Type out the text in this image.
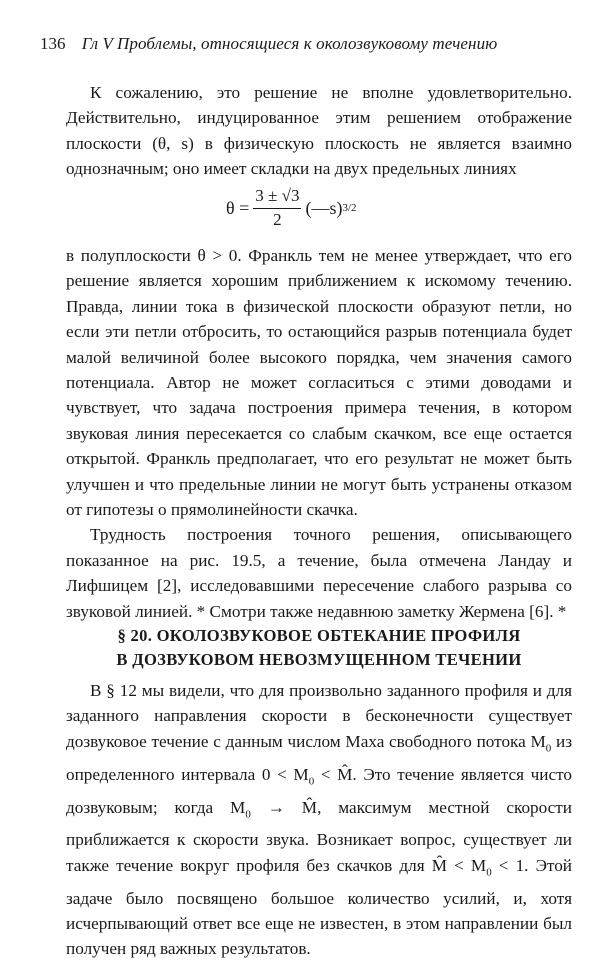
136 Гл V Проблемы, относящиеся к околозвуковому течению

К сожалению, это решение не вполне удовлетворительно. Действительно, индуцированное этим решением отображение плоскости (θ, s) в физическую плоскость не является взаимно однозначным; оно имеет складки на двух предельных линиях

$\theta = \frac{3 \pm √3}{2}$ (—s) 3/2

в полуплоскости θ > 0. Франкль тем не менее утверждает, что его решение является хорошим приближением к искомому течению. Правда, линии тока в физической плоскости образуют петли, но если эти петли отбросить, то остающийся разрыв потенциала будет малой величиной более высокого порядка, чем значения самого потенциала. Автор не может согласиться с этими доводами и чувствует, что задача построения примера течения, в котором звуковая линия пересекается со слабым скачком, все еще остается открытой. Франкль предполагает, что его результат не может быть улучшен и что предельные линии не могут быть устранены отказом от гипотезы о прямолинейности скачка.

Трудность построения точного решения, описывающего показанное на рис. 19.5, а течение, была отмечена Ландау и Лифшицем [2], исследовавшими пересечение слабого разрыва со звуковой линией. * Смотри также недавнюю заметку Жермена [6]. *

§ 20. ОКОЛОЗВУКОВОЕ ОБТЕКАНИЕ ПРОФИЛЯ
В ДОЗВУКОВОМ НЕВОЗМУЩЕННОМ ТЕЧЕНИИ

В § 12 мы видели, что для произвольно заданного профиля и для заданного направления скорости в бесконечности существует дозвуковое течение с данным числом Маха свободного потока $M_0$ из определенного интервала $0 < M_0$ < M̂. Это течение является чисто дозвуковым; когда $M_0$ → M̂, максимум местной скорости приближается к скорости звука. Возникает вопрос, существует ли также течение вокруг профиля без скачков для M̂ < $M_0 < 1$. Этой задаче было посвящено большое количество усилий, и, хотя исчерпывающий ответ все еще не известен, в этом направлении был получен ряд важных результатов.
